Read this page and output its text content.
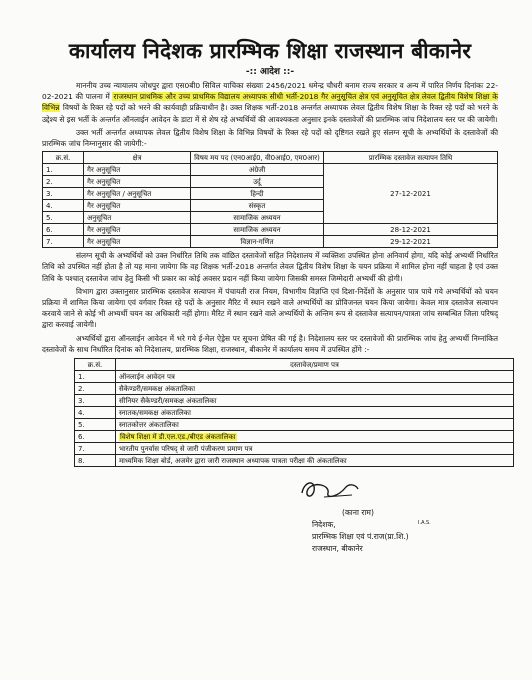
कार्यालय निदेशक प्रारम्भिक शिक्षा राजस्थान बीकानेर
-:: आदेश ::-

माननीय उच्च न्यायालय जोधपुर द्वारा एस0बी0 सिविल याचिका संख्याः 2456/2021 धमेन्द्र चौधरी बनाम राज्य सरकार व अन्य में पारित निर्णय दिनांकः 22-02-2021 की पालना में राजस्थान प्राथमिक और उच्च प्राथमिक विद्यालय अध्यापक सीधी भर्ती-2018 गैर अनुसूचित क्षेत्र एवं अनुसूचित क्षेत्र लेवल द्वितीय विशेष शिक्षा के विभिन्न विषयों के रिक्त रहे पदों को भरने की कार्यवाही प्रक्रियाधीन है। उक्त शिक्षक भर्ती-2018 अन्तर्गत अध्यापक लेवल द्वितीय विशेष शिक्षा के रिक्त रहे पदों को भरने के उद्देश्य से इस भर्ती के अन्तर्गत ऑनलाईन आवेदन के डाटा में से शेष रहे अभ्यर्थियों की आवश्यकता अनुसार इनके दस्तावेजों की प्रारम्भिक जांच निदेशालय स्तर पर की जायेगी।

उक्त भर्ती अन्तर्गत अध्यापक लेवल द्वितीय विशेष शिक्षा के विभिन्न विषयों के रिक्त रहे पदों को दृष्टिगत रखते हुए संलग्न सूची के अभ्यर्थियों के दस्तावेजों की प्रारम्भिक जांच निम्नानुसार की जायेगी:-

क्र.सं.	क्षेत्र	विषय मय पद (एन0आई0, वी0आई0, एम0आर)	प्रारम्भिक दस्तावेज सत्यापन तिथि
1.	गैर अनुसूचित	अंग्रेजी	27-12-2021
2.	गैर अनुसूचित	उर्दू	
3.	गैर अनुसूचित / अनुसूचित	हिन्दी	
4.	गैर अनुसूचित	संस्कृत	
5.	अनुसूचित	सामाजिक अध्ययन	
6.	गैर अनुसूचित	सामाजिक अध्ययन	28-12-2021
7.	गैर अनुसूचित	विज्ञान-गणित	29-12-2021

संलग्न सूची के अभ्यर्थियों को उक्त निर्धारित तिथि तक वांछित दस्तावेजों सहित निदेशालय में व्यक्तिशः उपस्थित होना अनिवार्य होगा, यदि कोई अभ्यर्थी निर्धारित तिथि को उपस्थित नहीं होता है तो यह माना जायेगा कि वह शिक्षक भर्ती-2018 अन्तर्गत लेवल द्वितीय विशेष शिक्षा के चयन प्रक्रिया में शामिल होना नहीं चाहता है एवं उक्त तिथि के पश्चात् दस्तावेज जांच हेतु किसी भी प्रकार का कोई अवसर प्रदान नहीं किया जायेगा जिसकी समस्त जिम्मेदारी अभ्यर्थी की होगी।

विभाग द्वारा उक्तानुसार प्रारम्भिक दस्तावेज सत्यापन में पंचायती राज नियम, विभागीय विज्ञप्ति एवं दिशा-निर्देशों के अनुसार पात्र पाये गये अभ्यर्थियों को चयन प्रक्रिया में शामिल किया जायेगा एवं वर्गवार रिक्त रहे पदों के अनुसार मैरिट में स्थान रखने वाले अभ्यर्थियों का प्रोविजनल चयन किया जायेगा। केवल मात्र दस्तावेज सत्यापन करवाये जाने से कोई भी अभ्यर्थी चयन का अधिकारी नहीं होगा। मैरिट में स्थान रखने वाले अभ्यर्थियों के अन्तिम रूप से दस्तावेज सत्यापन/पात्रता जांच सम्बन्धित जिला परिषद् द्वारा करवाई जायेगी।

अभ्यर्थियों द्वारा ऑनलाईन आवेदन में भरे गये ई-मेल ऐड्रेस पर सूचना प्रेषित की गई है। निदेशालय स्तर पर दस्तावेजों की प्रारम्भिक जांच हेतु अभ्यर्थी निम्नांकित दस्तावेजों के साथ निर्धारित दिनांक को निदेशालय, प्रारम्भिक शिक्षा, राजस्थान, बीकानेर में कार्यालय समय में उपस्थित होंगे :-

क्र.सं.	दस्तावेज/प्रमाण पत्र
1.	ऑनलाईन आवेदन पत्र
2.	सैकेण्डरी/समकक्ष अंकतालिका
3.	सीनियर सैकेण्डरी/समकक्ष अंकतालिका
4.	स्नातक/समकक्ष अंकतालिका
5.	स्नातकोत्तर अंकतालिका
6.	विशेष शिक्षा में डी.एल.एड./बीएड अंकतालिका
7.	भारतीय पुनर्वास परिषद् से जारी पंजीकरण प्रमाण पत्र
8.	माध्यमिक शिक्षा बोर्ड, अजमेर द्वारा जारी राजस्थान अध्यापक पात्रता परीक्षा की अंकतालिका
(काना राम)
I.A.S.
निदेशक,
प्रारम्भिक शिक्षा एवं पं.राज(प्रा.शि.)
राजस्थान, बीकानेर
